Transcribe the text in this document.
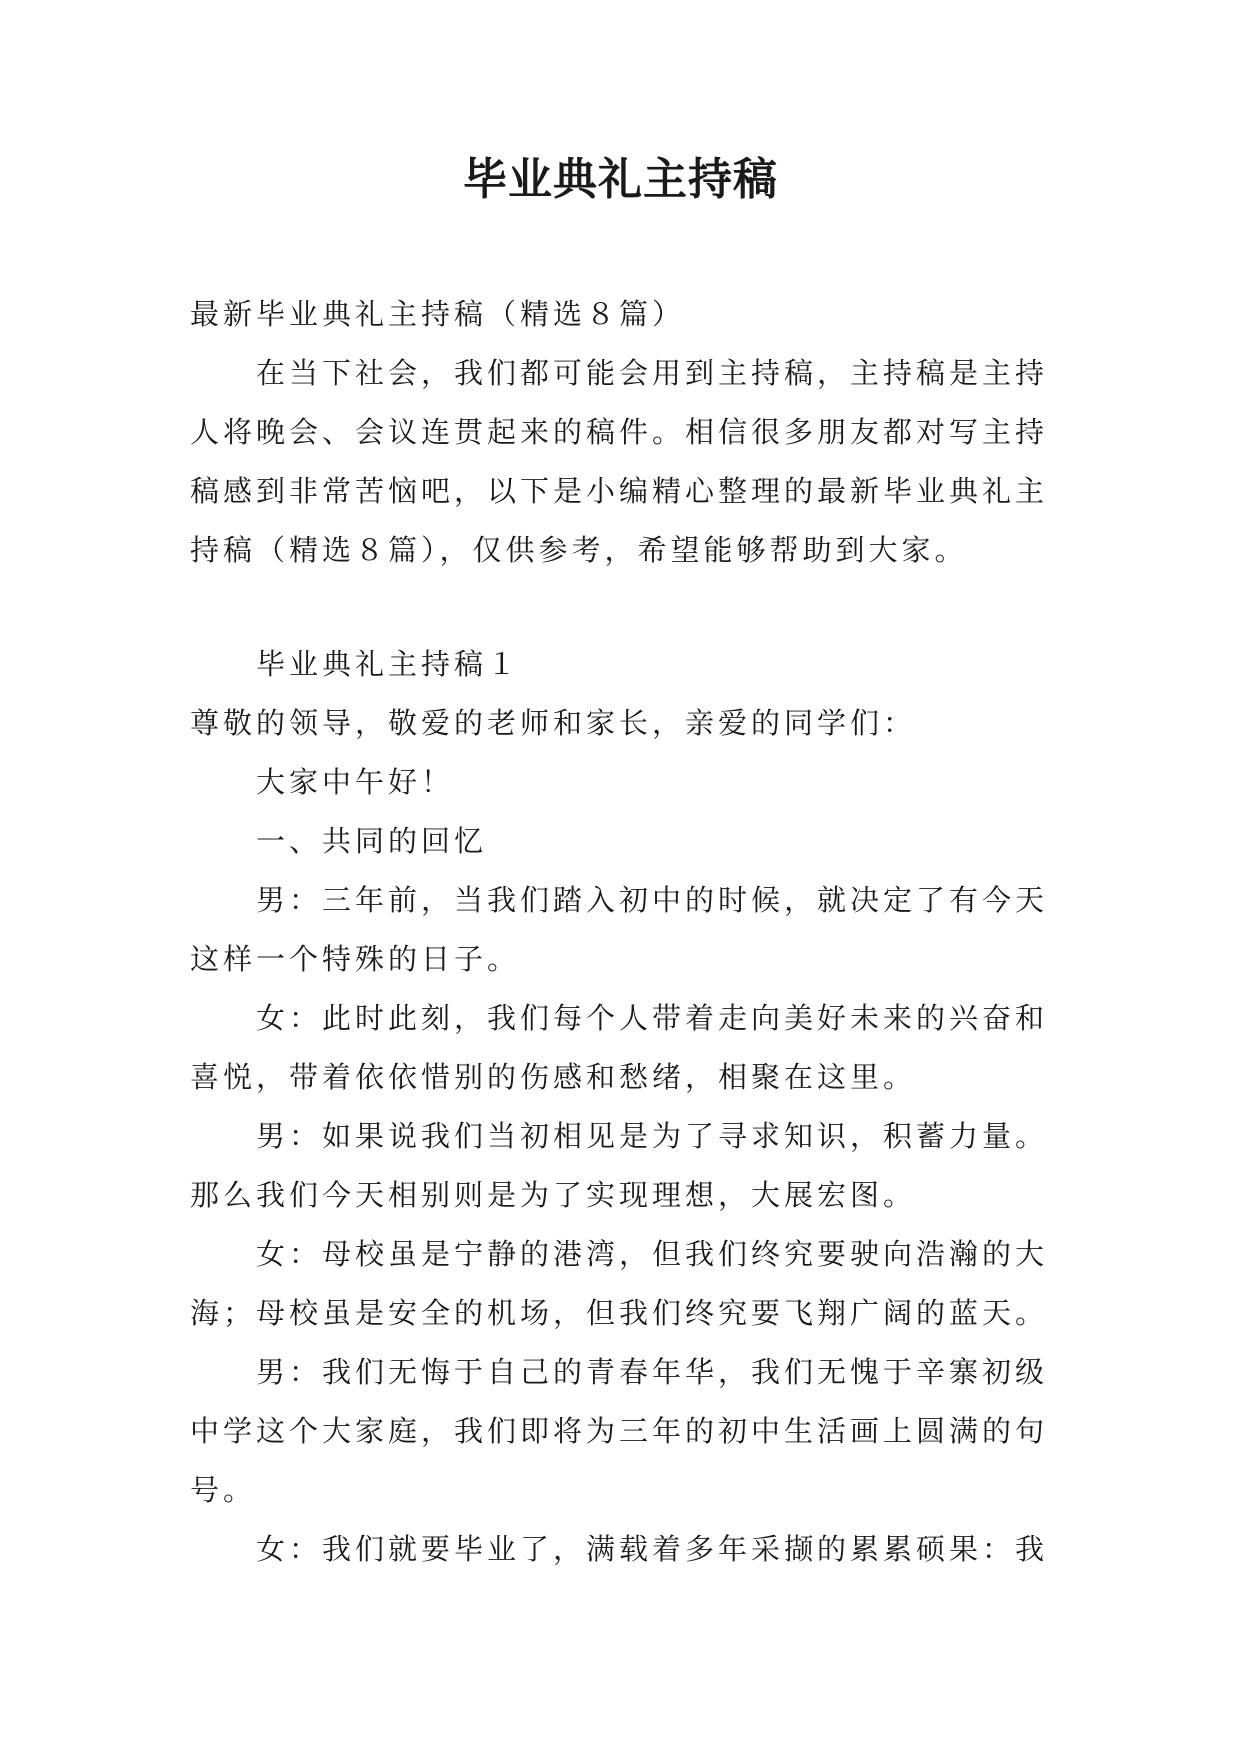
毕业典礼主持稿

最新毕业典礼主持稿（精选８篇）

在当下社会，我们都可能会用到主持稿，主持稿是主持

人将晚会、会议连贯起来的稿件。相信很多朋友都对写主持

稿感到非常苦恼吧，以下是小编精心整理的最新毕业典礼主

持稿（精选８篇），仅供参考，希望能够帮助到大家。

毕业典礼主持稿１

尊敬的领导，敬爱的老师和家长，亲爱的同学们：

大家中午好！

一、共同的回忆

男：三年前，当我们踏入初中的时候，就决定了有今天

这样一个特殊的日子。

女：此时此刻，我们每个人带着走向美好未来的兴奋和

喜悦，带着依依惜别的伤感和愁绪，相聚在这里。

男：如果说我们当初相见是为了寻求知识，积蓄力量。

那么我们今天相别则是为了实现理想，大展宏图。

女：母校虽是宁静的港湾，但我们终究要驶向浩瀚的大

海；母校虽是安全的机场，但我们终究要飞翔广阔的蓝天。

男：我们无悔于自己的青春年华，我们无愧于辛寨初级

中学这个大家庭，我们即将为三年的初中生活画上圆满的句

号。

女：我们就要毕业了，满载着多年采撷的累累硕果：我
